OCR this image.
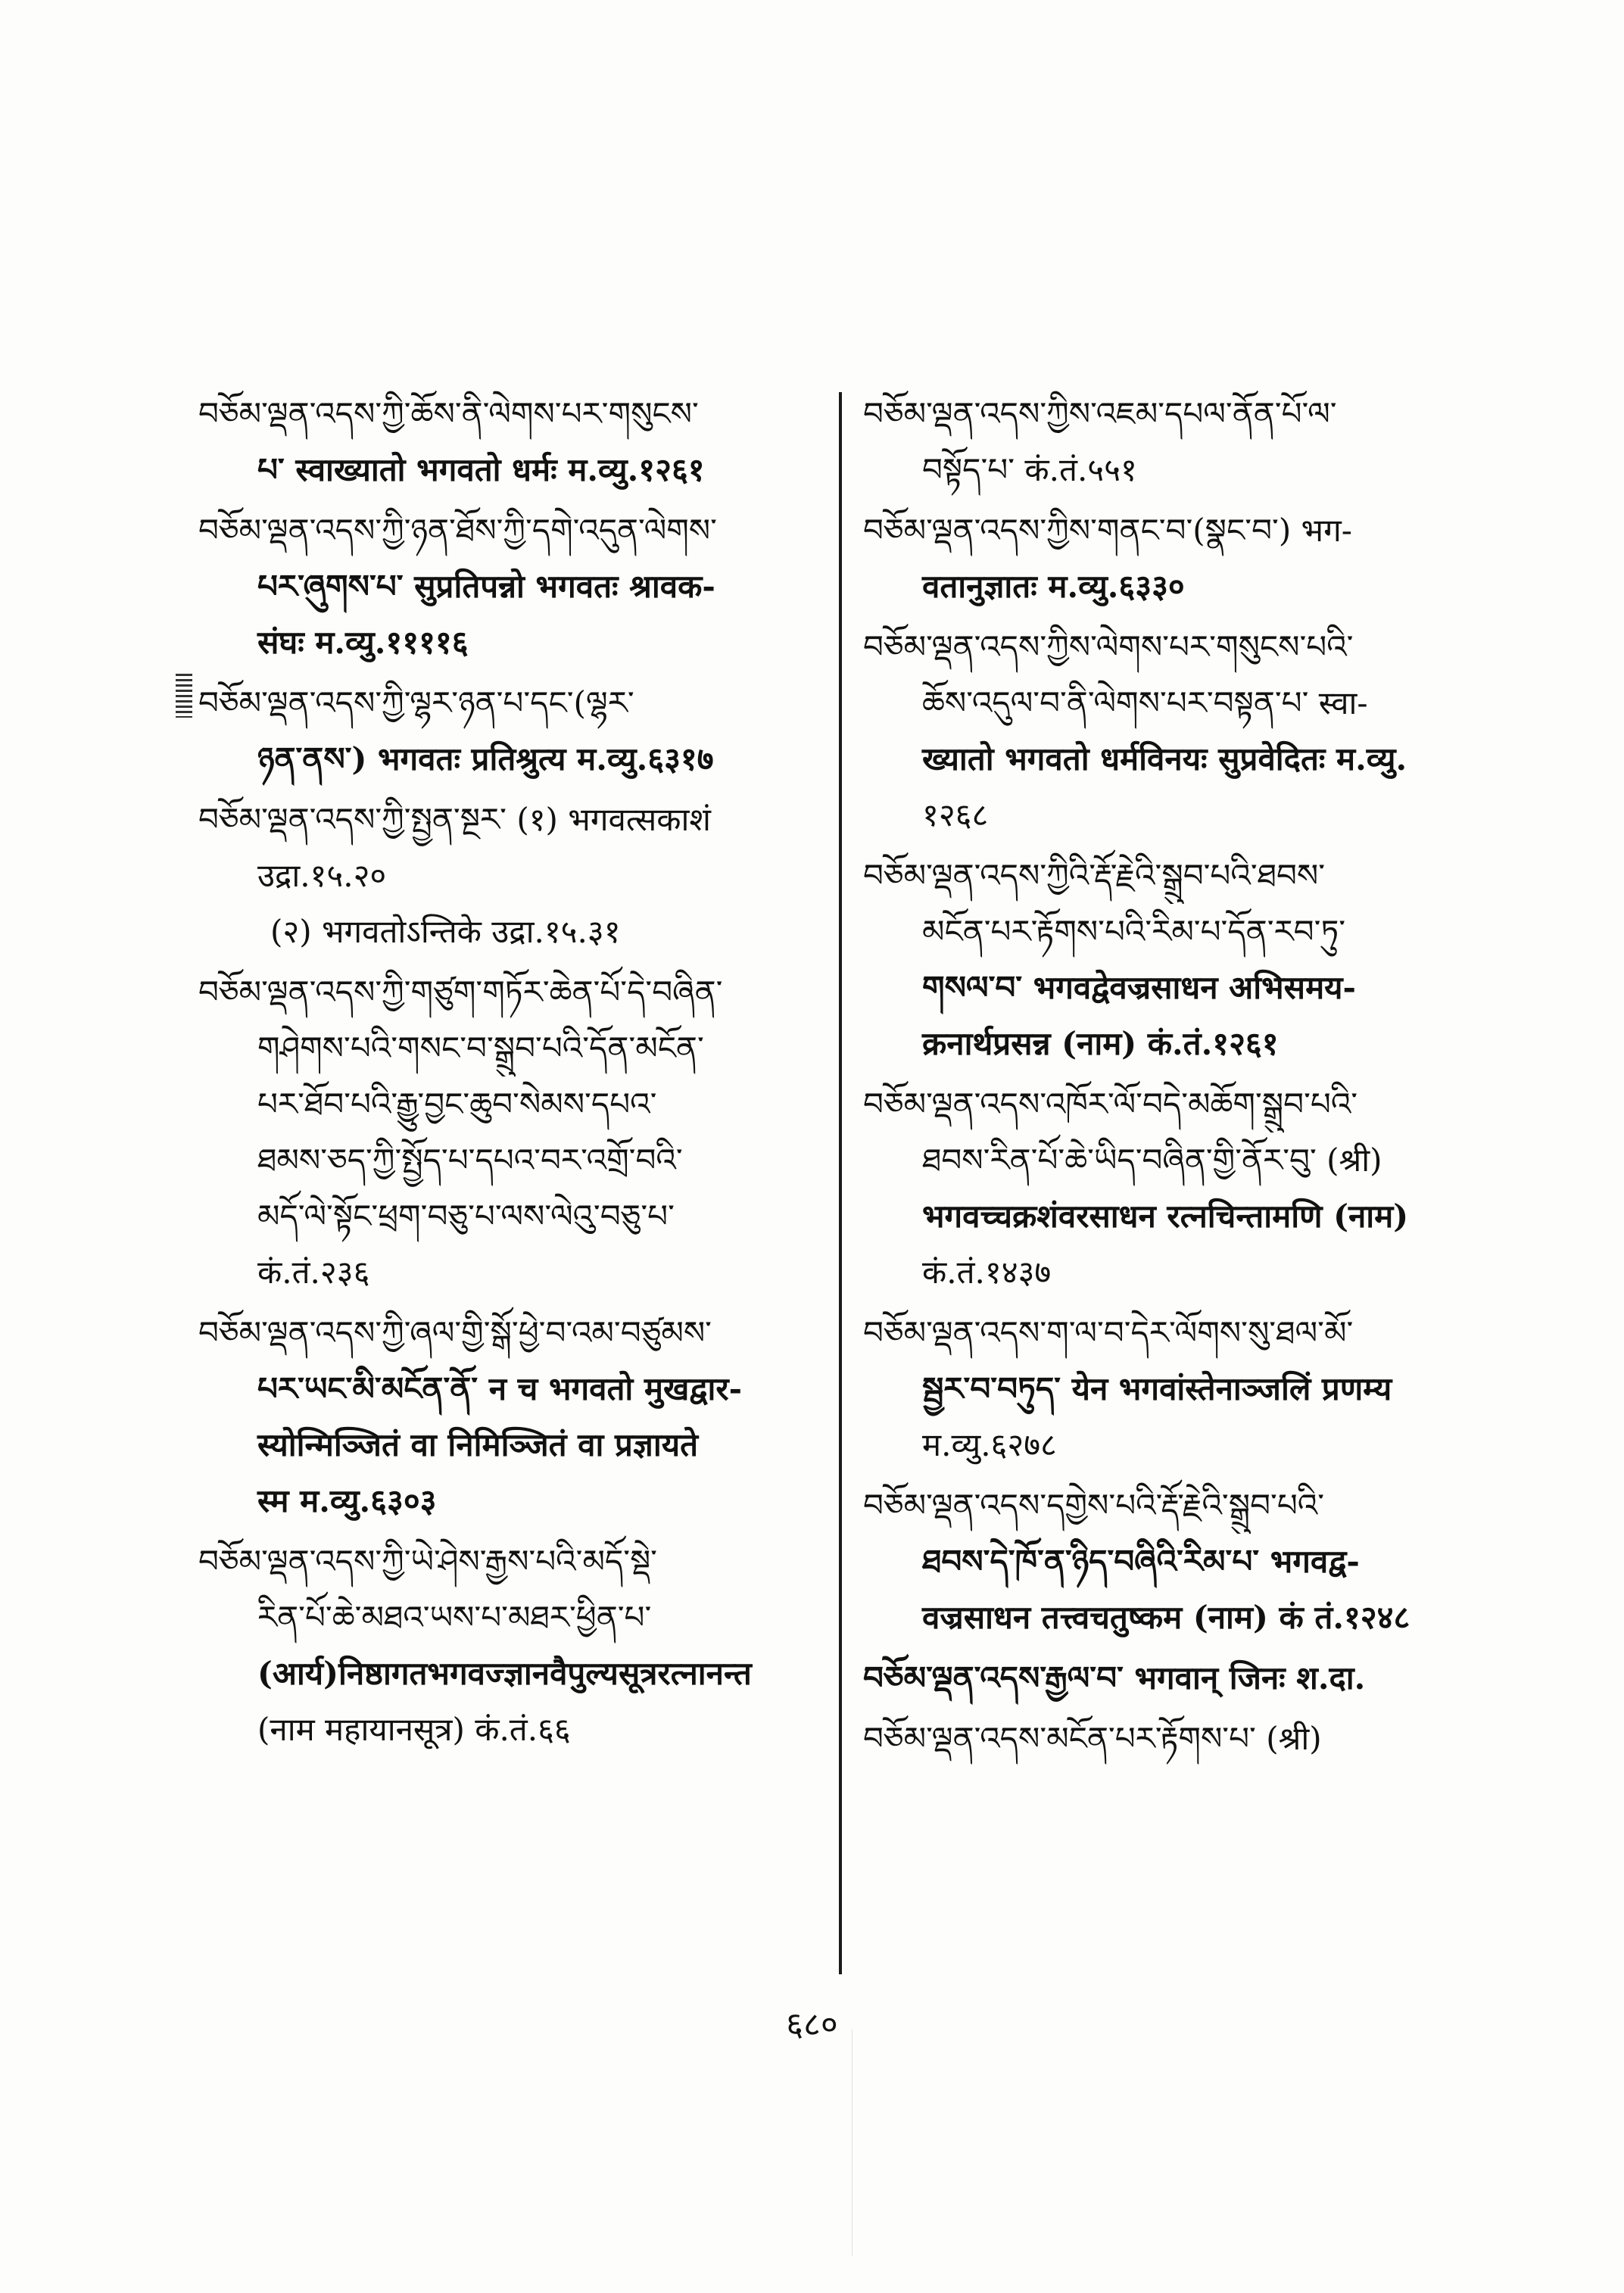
བཅོམ་ལྡན་འདས་ཀྱི་ཆོས་ནི་ལེགས་པར་གསུངས་
པ་ स्वाख्यातो भगवतो धर्मः म.व्यु.१२६१
བཅོམ་ལྡན་འདས་ཀྱི་ཉན་ཐོས་ཀྱི་དགེ་འདུན་ལེགས་
པར་ཞུགས་པ་ सुप्रतिपन्नो भगवतः श्रावक-
संघः म.व्यु.११११६
བཅོམ་ལྡན་འདས་ཀྱི་ལྷར་ཉན་པ་དང་(ལྷར་
ཉན་ནས་) भगवतः प्रतिश्रुत्य म.व्यु.६३१७
བཅོམ་ལྡན་འདས་ཀྱི་སྤྱན་སྔར་ (१) भगवत्सकाशं
उद्रा.१५.२०
(२) भगवतोऽन्तिके उद्रा.१५.३१
བཅོམ་ལྡན་འདས་ཀྱི་གཙུག་གཏོར་ཆེན་པོ་དེ་བཞིན་
གཤེགས་པའི་གསང་བ་སྒྲུབ་པའི་དོན་མངོན་
པར་ཐོབ་པའི་རྒྱུ་བྱང་ཆུབ་སེམས་དཔའ་
ཐམས་ཅད་ཀྱི་སྤྱོད་པ་དཔའ་བར་འགྲོ་བའི་
མདོ་ལེ་སྟོང་ཕྲག་བཅུ་པ་ལས་ལེའུ་བཅུ་པ་
कं.तं.२३६
བཅོམ་ལྡན་འདས་ཀྱི་ཞལ་གྱི་སྒོ་ཕྱེ་བ་འམ་བཙུམས་
པར་ཡང་མི་མངོན་ནོ་ न च भगवतो मुखद्वार-
स्योन्मिञ्जितं वा निमिञ्जितं वा प्रज्ञायते
स्म म.व्यु.६३०३
བཅོམ་ལྡན་འདས་ཀྱི་ཡེ་ཤེས་རྒྱས་པའི་མདོ་སྡེ་
རིན་པོ་ཆེ་མཐའ་ཡས་པ་མཐར་ཕྱིན་པ་
(आर्य)निष्ठागतभगवज्ज्ञानवैपुल्यसूत्ररत्नानन्त
(नाम महायानसूत्र) कं.तं.६६
བཅོམ་ལྡན་འདས་ཀྱིས་འཇམ་དཔལ་ནོན་པོ་ལ་
བསྟོད་པ་ कं.तं.५५१
བཅོམ་ལྡན་འདས་ཀྱིས་གནང་བ་(སྣང་བ་) भग-
वतानुज्ञातः म.व्यु.६३३०
བཅོམ་ལྡན་འདས་ཀྱིས་ལེགས་པར་གསུངས་པའི་
ཆོས་འདུལ་བ་ནི་ལེགས་པར་བསྟན་པ་ स्वा-
ख्यातो भगवतो धर्मविनयः सुप्रवेदितः म.व्यु.
१२६८
བཅོམ་ལྡན་འདས་ཀྱིའི་རྡོ་རྗེའི་སྒྲུབ་པའི་ཐབས་
མངོན་པར་རྟོགས་པའི་རིམ་པ་དོན་རབ་ཏུ་
གསལ་བ་ भगवद्वेवज्रसाधन अभिसमय-
क्रनार्थप्रसन्न (नाम) कं.तं.१२६१
བཅོམ་ལྡན་འདས་འཁོར་ལོ་བདེ་མཆོག་སྒྲུབ་པའི་
ཐབས་རིན་པོ་ཆེ་ཡིད་བཞིན་གྱི་ནོར་བུ་ (श्री)
भगवच्चक्रशंवरसाधन रत्नचिन्तामणि (नाम)
कं.तं.१४३७
བཅོམ་ལྡན་འདས་ག་ལ་བ་དེར་ལོགས་སུ་ཐལ་མོ་
སྦྱར་བ་བཏུད་ येन भगवांस्तेनाञ्जलिं प्रणम्य
म.व्यु.६२७८
བཅོམ་ལྡན་འདས་དགྱེས་པའི་རྡོ་རྗེའི་སྒྲུབ་པའི་
ཐབས་དེ་ཁོ་ན་ཉིད་བཞིའི་རིམ་པ་ भगवद्व-
वज्रसाधन तत्त्वचतुष्कम (नाम) कं तं.१२४८
བཅོམ་ལྡན་འདས་རྒྱལ་བ་ भगवान् जिनः श.दा.
བཅོམ་ལྡན་འདས་མངོན་པར་རྟོགས་པ་ (श्री)
६८०
